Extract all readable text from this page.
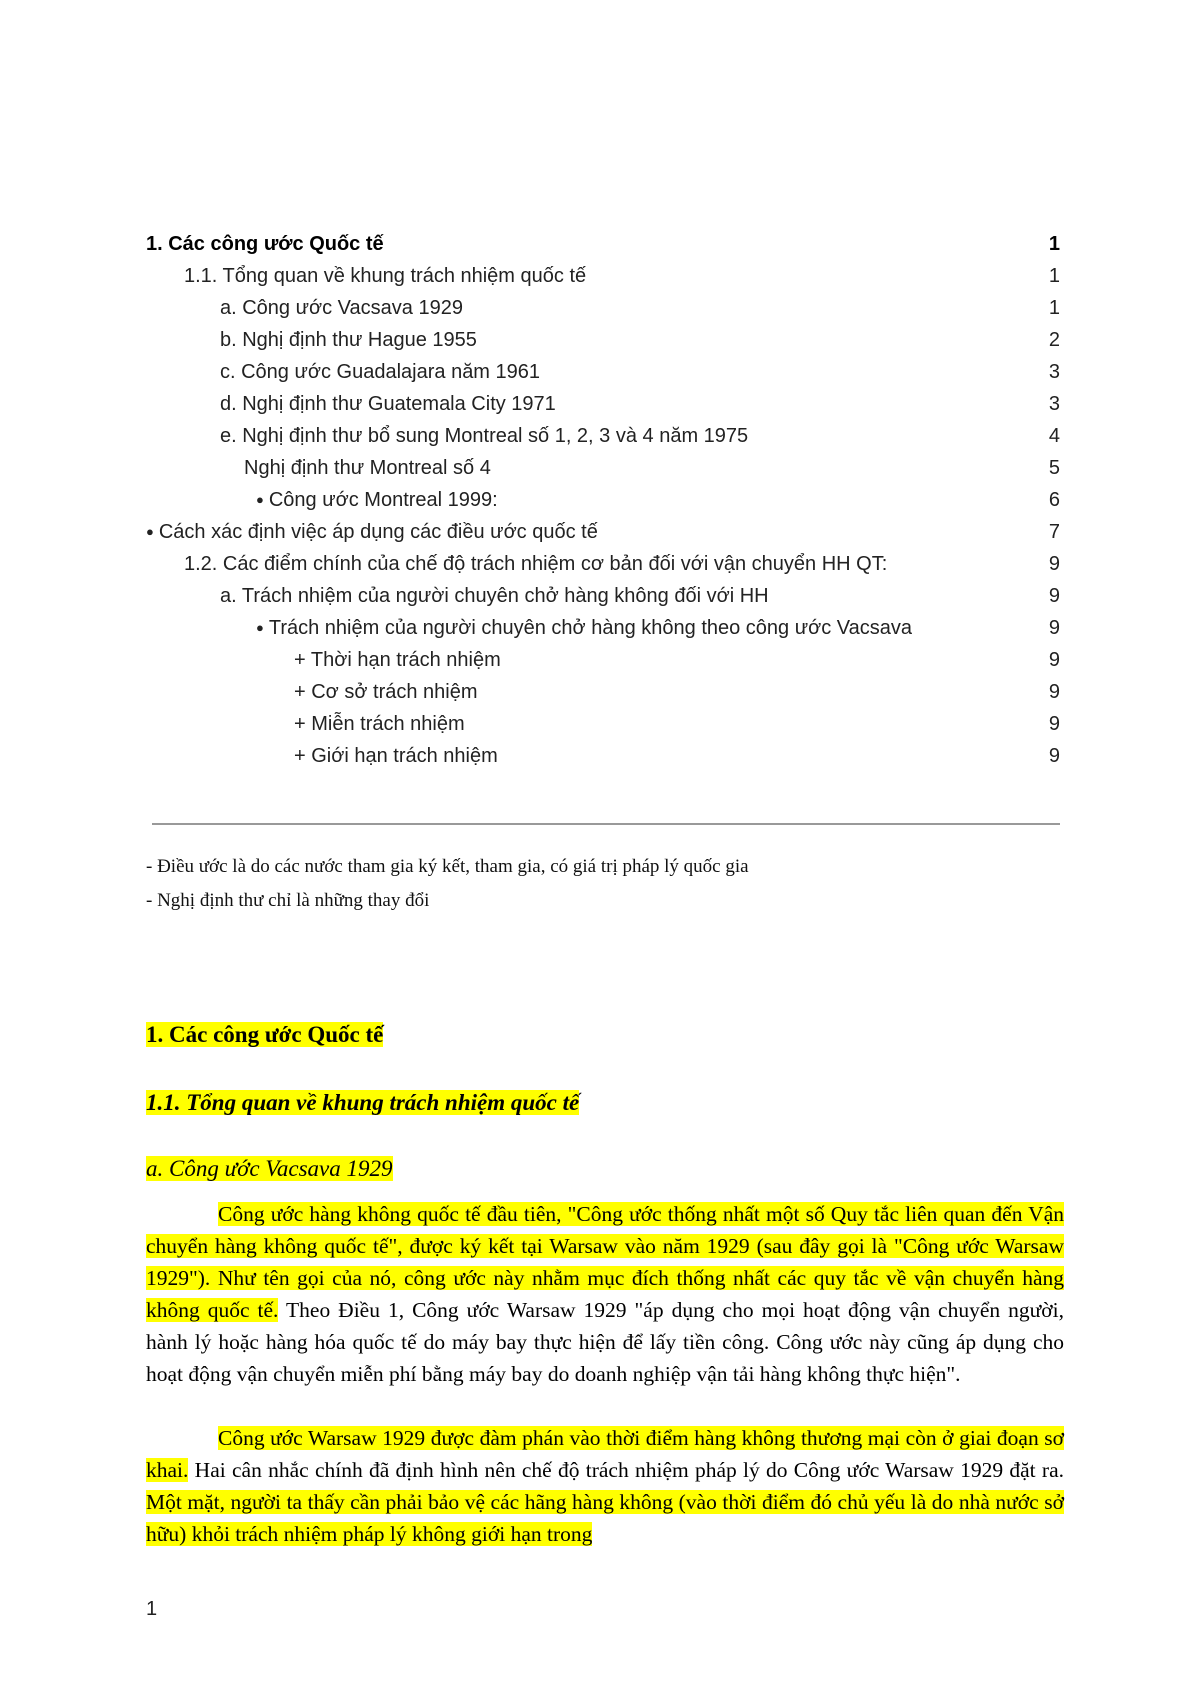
1. Các công ước Quốc tế	1
1.1. Tổng quan về khung trách nhiệm quốc tế	1
a. Công ước Vacsava 1929	1
b. Nghị định thư Hague 1955	2
c. Công ước Guadalajara năm 1961	3
d. Nghị định thư Guatemala City 1971	3
e. Nghị định thư bổ sung Montreal số 1, 2, 3 và 4 năm 1975	4
Nghị định thư Montreal số 4	5
● Công ước Montreal 1999:	6
● Cách xác định việc áp dụng các điều ước quốc tế	7
1.2. Các điểm chính của chế độ trách nhiệm cơ bản đối với vận chuyển HH QT:	9
a. Trách nhiệm của người chuyên chở hàng không đối với HH	9
● Trách nhiệm của người chuyên chở hàng không theo công ước Vacsava	9
+ Thời hạn trách nhiệm	9
+ Cơ sở trách nhiệm	9
+ Miễn trách nhiệm	9
+ Giới hạn trách nhiệm	9
- Điều ước là do các nước tham gia ký kết, tham gia, có giá trị pháp lý quốc gia
- Nghị định thư chỉ là những thay đổi
1. Các công ước Quốc tế
1.1. Tổng quan về khung trách nhiệm quốc tế
a. Công ước Vacsava 1929

Công ước hàng không quốc tế đầu tiên, "Công ước thống nhất một số Quy tắc liên quan đến Vận chuyển hàng không quốc tế", được ký kết tại Warsaw vào năm 1929 (sau đây gọi là "Công ước Warsaw 1929"). Như tên gọi của nó, công ước này nhằm mục đích thống nhất các quy tắc về vận chuyển hàng không quốc tế. Theo Điều 1, Công ước Warsaw 1929 "áp dụng cho mọi hoạt động vận chuyển người, hành lý hoặc hàng hóa quốc tế do máy bay thực hiện để lấy tiền công. Công ước này cũng áp dụng cho hoạt động vận chuyển miễn phí bằng máy bay do doanh nghiệp vận tải hàng không thực hiện".

Công ước Warsaw 1929 được đàm phán vào thời điểm hàng không thương mại còn ở giai đoạn sơ khai. Hai cân nhắc chính đã định hình nên chế độ trách nhiệm pháp lý do Công ước Warsaw 1929 đặt ra. Một mặt, người ta thấy cần phải bảo vệ các hãng hàng không (vào thời điểm đó chủ yếu là do nhà nước sở hữu) khỏi trách nhiệm pháp lý không giới hạn trong

1
